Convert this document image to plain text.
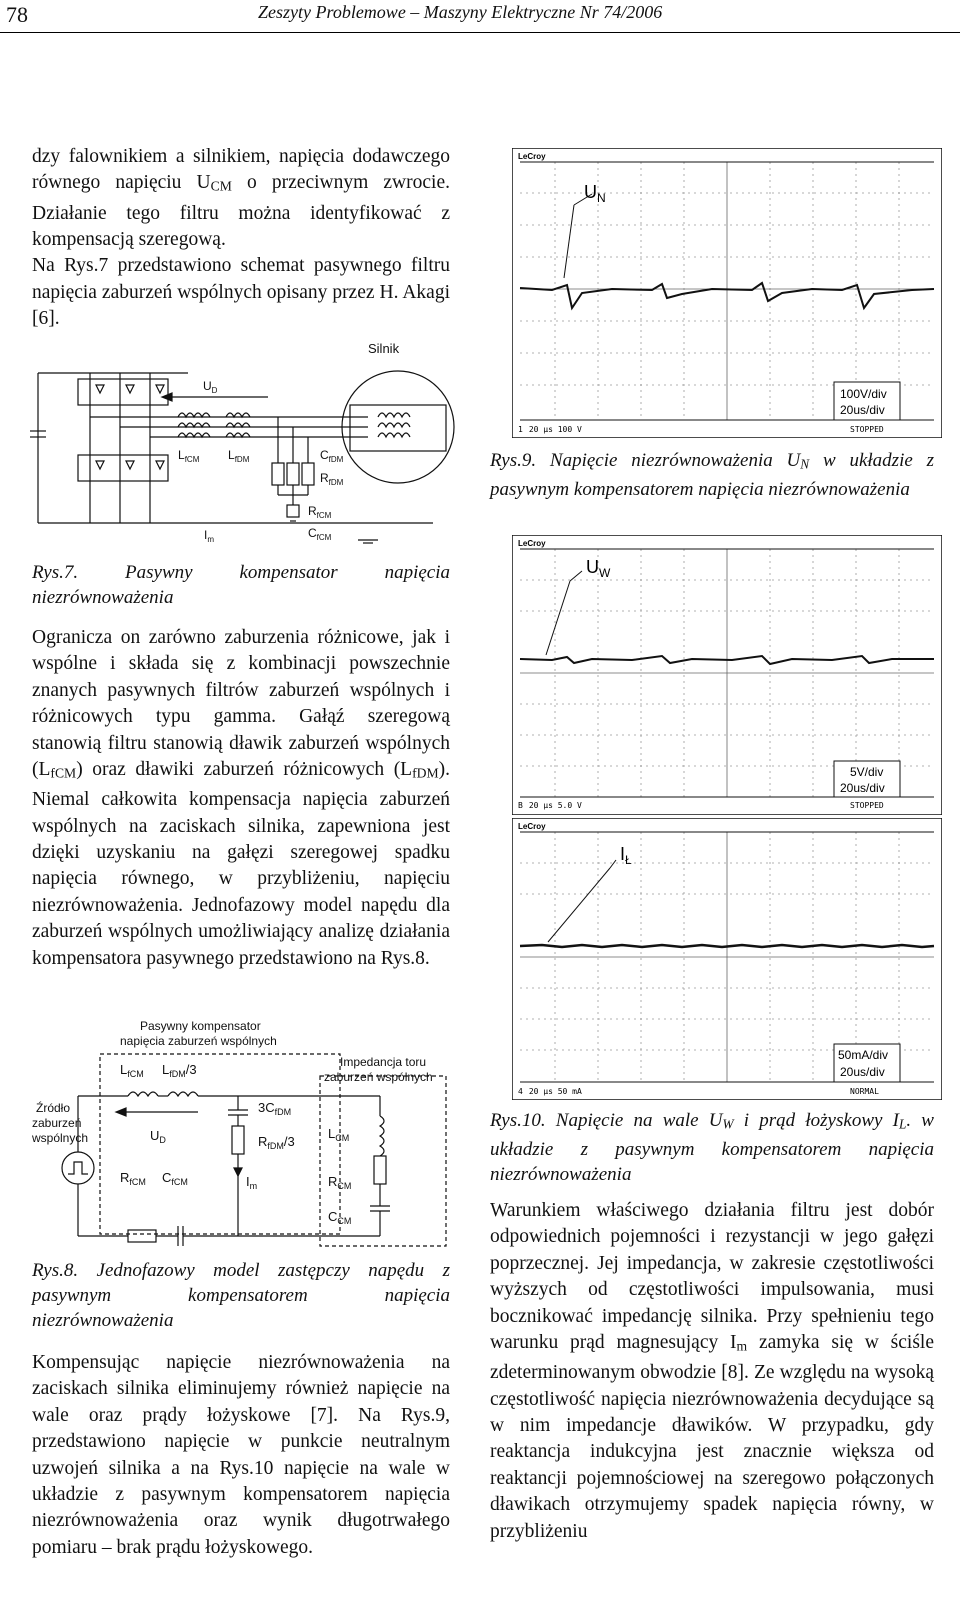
78	Zeszyty Problemowe – Maszyny Elektryczne Nr 74/2006

dzy falownikiem a silnikiem, napięcia dodawczego równego napięciu UCM o przeciwnym zwrocie. Działanie tego filtru można identyfikować z kompensacją szeregową.

Na Rys.7 przedstawiono schemat pasywnego filtru napięcia zaburzeń wspólnych opisany przez H. Akagi [6].

Silnik
$U_D$
$L_{fCM}$ $L_{fDM}$	$C_{fDM}$
$R_{fDM}$
$R_{fCM}$
$C_{fCM}$
$I_m$
Rys.7. Pasywny kompensator napięcia niezrównoważenia

Ogranicza on zarówno zaburzenia różnicowe, jak i wspólne i składa się z kombinacji powszechnie znanych pasywnych filtrów zaburzeń wspólnych i różnicowych typu gamma. Gałąź szeregową stanowią filtru stanowią dławik zaburzeń wspólnych (LfCM) oraz dławiki zaburzeń różnicowych (LfDM). Niemal całkowita kompensacja napięcia zaburzeń wspólnych na zaciskach silnika, zapewniona jest dzięki uzyskaniu na gałęzi szeregowej spadku napięcia równego, w przybliżeniu, napięciu niezrównoważenia. Jednofazowy model napędu dla zaburzeń wspólnych umożliwiający analizę działania kompensatora pasywnego przedstawiono na Rys.8.

Pasywny kompensator
napięcia zaburzeń wspólnych
Impedancja toru
zaburzeń wspólnych
Źródło
zaburzeń
wspólnych
$L_{fCM}$ $L_{fDM}/3$
$U_D$
$3C_{fDM}$
$R_{fDM}/3$
$L_{CM}$
$R_{fCM}$ $C_{fCM}$	$I_m$	$R_{CM}$
$C_{CM}$
Rys.8. Jednofazowy model zastępczy napędu z pasywnym kompensatorem napięcia niezrównoważenia

Kompensując napięcie niezrównoważenia na zaciskach silnika eliminujemy również napięcie na wale oraz prądy łożyskowe [7]. Na Rys.9, przedstawiono napięcie w punkcie neutralnym uzwojeń silnika a na Rys.10 napięcie na wale w układzie z pasywnym kompensatorem napięcia niezrównoważenia oraz wynik długotrwałego pomiaru – brak prądu łożyskowego.

LeCroy
$U_N$
100V/div
20us/div
1 20 µs 100 V	STOPPED
Rys.9. Napięcie niezrównoważenia $U_N$ w układzie z pasywnym kompensatorem napięcia niezrównoważenia
LeCroy
$U_W$
5V/div
20us/div
B 20 µs 5.0 V	STOPPED
LeCroy
$I_Ł$
50mA/div
20us/div
4 20 µs 50 mA	NORMAL
Rys.10. Napięcie na wale $U_W$ i prąd łożyskowy $I_L$. w układzie z pasywnym kompensatorem napięcia niezrównoważenia

Warunkiem właściwego działania filtru jest dobór odpowiednich pojemności i rezystancji w jego gałęzi poprzecznej. Jej impedancja, w zakresie częstotliwości wyższych od częstotliwości impulsowania, musi bocznikować impedancję silnika. Przy spełnieniu tego warunku prąd magnesujący Im zamyka się w ściśle zdeterminowanym obwodzie [8]. Ze względu na wysoką częstotliwość napięcia niezrównoważenia decydujące są w nim impedancje dławików. W przypadku, gdy reaktancja indukcyjna jest znacznie większa od reaktancji pojemnościowej na szeregowo połączonych dławikach otrzymujemy spadek napięcia równy, w przybliżeniu
